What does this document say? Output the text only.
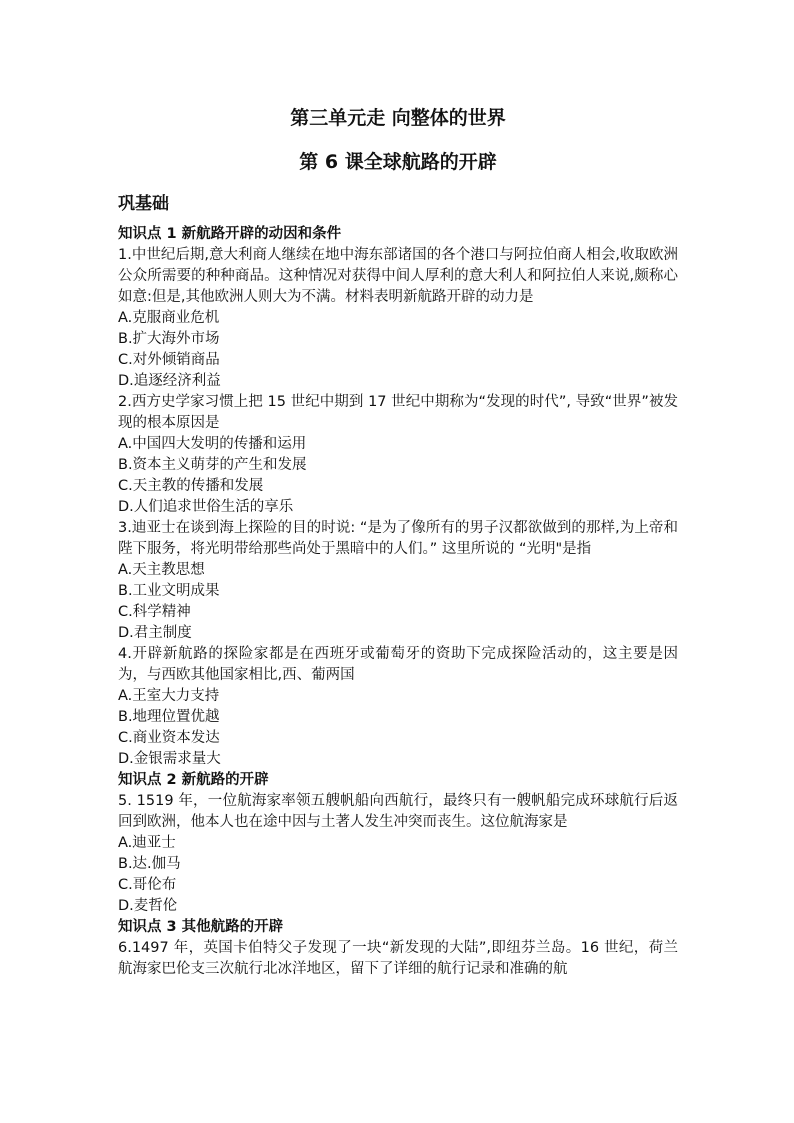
第三单元走 向整体的世界

第 6 课全球航路的开辟

巩基础
知识点 1 新航路开辟的动因和条件
1.中世纪后期,意大利商人继续在地中海东部诸国的各个港口与阿拉伯商人相会,收取欧洲公众所需要的种种商品。这种情况对获得中间人厚利的意大利人和阿拉伯人来说,颇称心如意:但是,其他欧洲人则大为不满。材料表明新航路开辟的动力是
A.克服商业危机
B.扩大海外市场
C.对外倾销商品
D.追逐经济利益
2.西方史学家习惯上把 15 世纪中期到 17 世纪中期称为“发现的时代”, 导致“世界”被发现的根本原因是
A.中国四大发明的传播和运用
B.资本主义萌芽的产生和发展
C.天主教的传播和发展
D.人们追求世俗生活的享乐
3.迪亚士在谈到海上探险的目的时说: “是为了像所有的男子汉都欲做到的那样,为上帝和陛下服务，将光明带给那些尚处于黑暗中的人们。” 这里所说的 “光明"是指
A.天主教思想
B.工业文明成果
C.科学精神
D.君主制度
4.开辟新航路的探险家都是在西班牙或葡萄牙的资助下完成探险活动的，这主要是因为，与西欧其他国家相比,西、葡两国
A.王室大力支持
B.地理位置优越
C.商业资本发达
D.金银需求量大
知识点 2 新航路的开辟
5. 1519 年，一位航海家率领五艘帆船向西航行，最终只有一艘帆船完成环球航行后返回到欧洲，他本人也在途中因与土著人发生冲突而丧生。这位航海家是
A.迪亚士
B.达.伽马
C.哥伦布
D.麦哲伦
知识点 3 其他航路的开辟
6.1497 年，英国卡伯特父子发现了一块“新发现的大陆”,即纽芬兰岛。16 世纪，荷兰航海家巴伦支三次航行北冰洋地区，留下了详细的航行记录和准确的航
